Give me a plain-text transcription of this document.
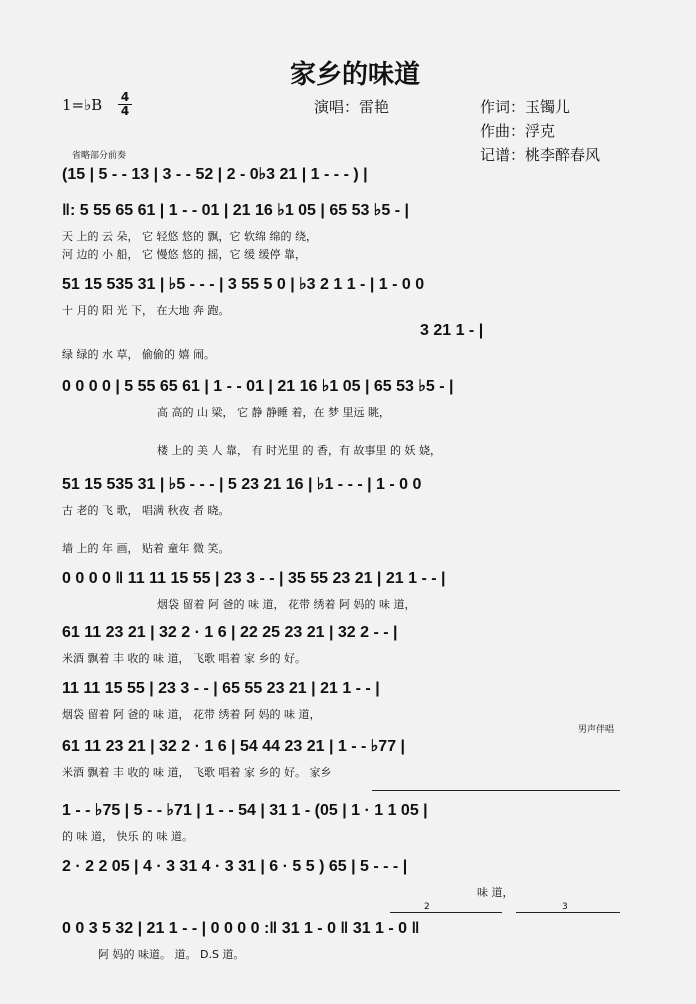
家乡的味道
1=♭B 4
4	演唱：雷艳	作词：玉镯儿
作曲：浮克
记谱：桃李醉春风
省略部分前奏
(15 | 5 - - 13 | 3 - - 52 | 2 - 0♭3 21 | 1 - - - ) |
‖: 5 55 65 61 | 1 - - 01 | 21 16 ♭1 05 | 65 53 ♭5 - |
天 上的 云 朵， 它 轻悠 悠的 飘，它 软绵 绵的 绕，
河 边的 小 船， 它 慢悠 悠的 摇，它 缓 缓停 靠，
51 15 535 31 | ♭5 - - - | 3 55 5 0 | ♭3 2 1 1 - | 1 - 0 0
十 月的 阳 光 下， 在大地 奔 跑。
3 21 1 - |
绿 绿的 水 草， 偷偷的 嬉 闹。
0 0 0 0 | 5 55 65 61 | 1 - - 01 | 21 16 ♭1 05 | 65 53 ♭5 - |
高 高的 山 梁， 它 静 静睡 着，在 梦 里远 眺，
楼 上的 美 人 靠， 有 时光里 的 香，有 故事里 的 妖 娆，
51 15 535 31 | ♭5 - - - | 5 23 21 16 | ♭1 - - - | 1 - 0 0
古 老的 飞 歌， 唱满 秋夜 者 晓。
墙 上的 年 画， 贴着 童年 微 笑。
0 0 0 0 ‖ 11 11 15 55 | 23 3 - - | 35 55 23 21 | 21 1 - - |
烟袋 留着 阿 爸的 味 道， 花带 绣着 阿 妈的 味 道，
61 11 23 21 | 32 2 · 1 6 | 22 25 23 21 | 32 2 - - |
米酒 飘着 丰 收的 味 道， 飞歌 唱着 家 乡的 好。
11 11 15 55 | 23 3 - - | 65 55 23 21 | 21 1 - - |
烟袋 留着 阿 爸的 味 道， 花带 绣着 阿 妈的 味 道，
男声伴唱
61 11 23 21 | 32 2 · 1 6 | 54 44 23 21 | 1 - - ♭77 |
米酒 飘着 丰 收的 味 道， 飞歌 唱着 家 乡的 好。 家乡
1 - - ♭75 | 5 - - ♭71 | 1 - - 54 | 31 1 - (05 | 1 · 1 1 05 |
的 味 道， 快乐 的 味 道。
2 · 2 2 05 | 4 · 3 31 4 · 3 31 | 6 · 5 5 ) 65 | 5 - - - |
味 道，
2	3
0 0 3 5 32 | 21 1 - - | 0 0 0 0 :‖ 31 1 - 0 ‖ 31 1 - 0 ‖
阿 妈的 味道。 道。 D.S 道。
